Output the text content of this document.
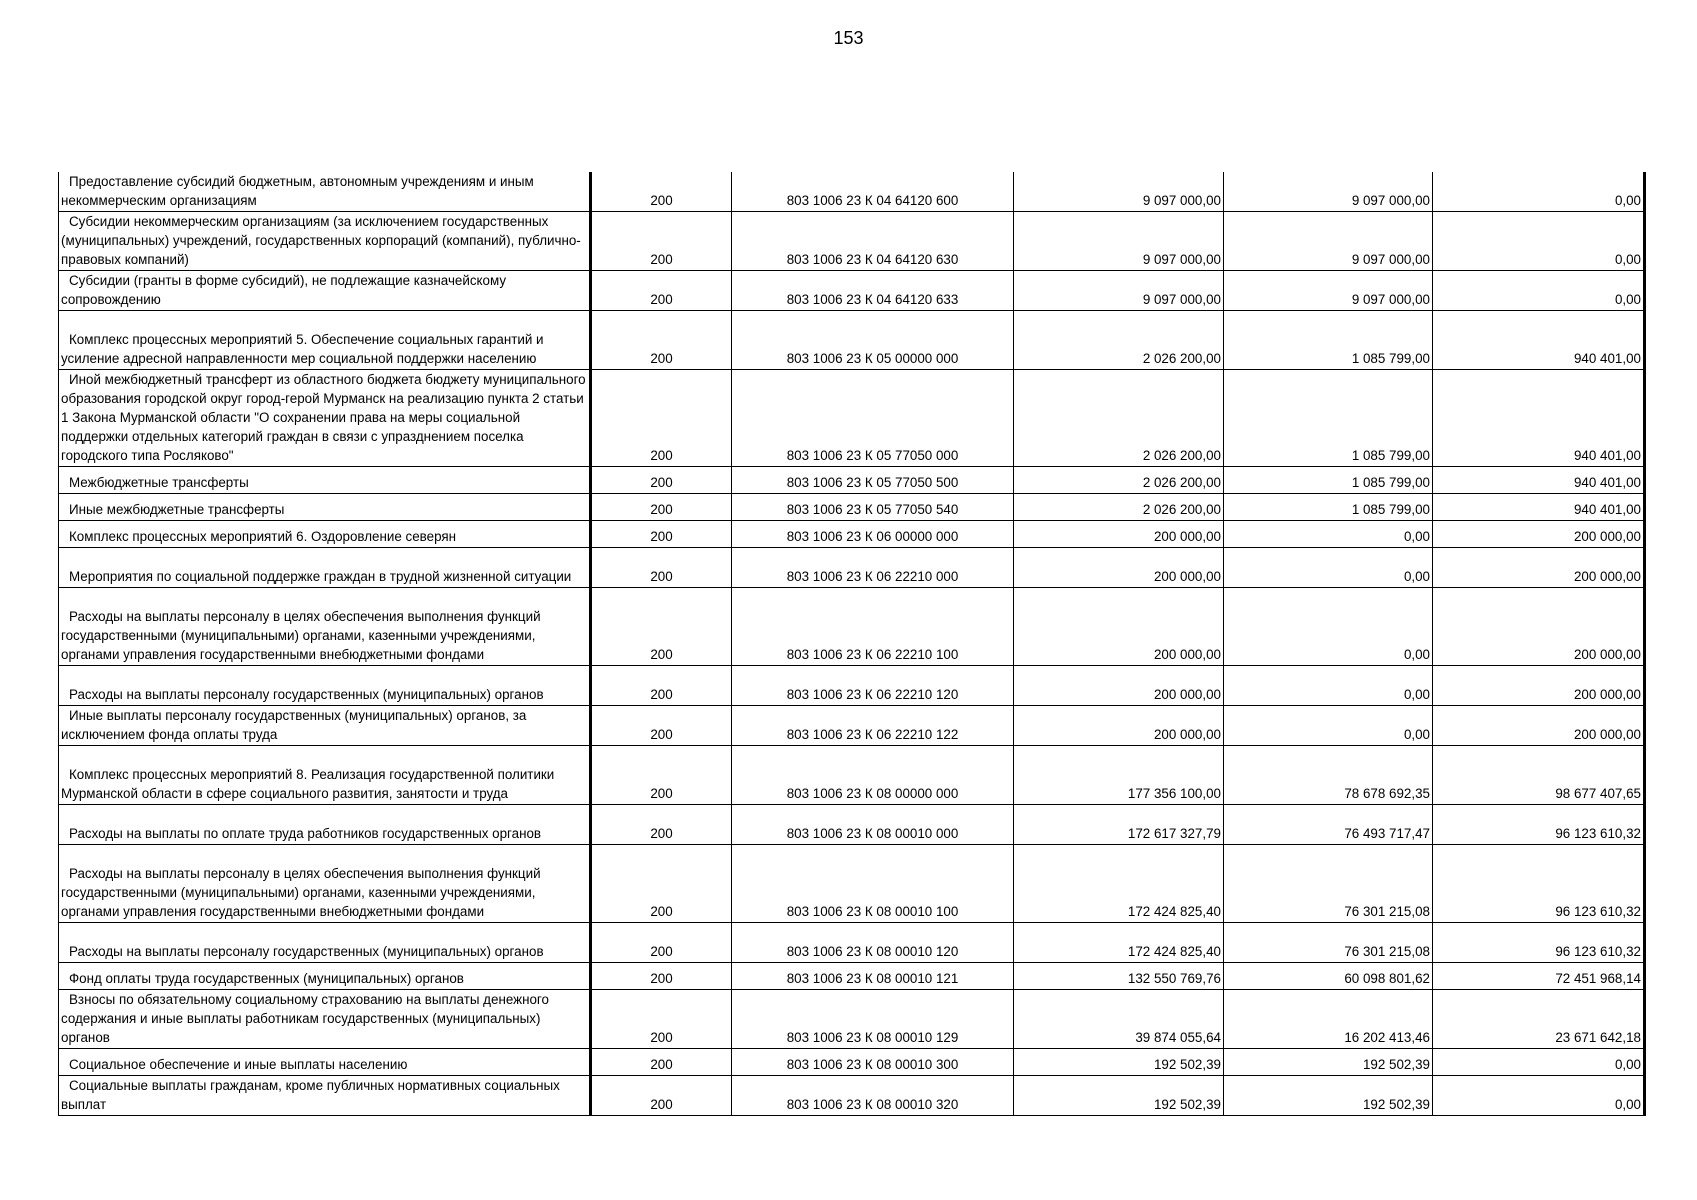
153
Предоставление субсидий бюджетным, автономным учреждениям и иным некоммерческим организациям	200	803 1006 23 К 04 64120 600	9 097 000,00	9 097 000,00	0,00
Субсидии некоммерческим организациям (за исключением государственных (муниципальных) учреждений, государственных корпораций (компаний), публично-правовых компаний)	200	803 1006 23 К 04 64120 630	9 097 000,00	9 097 000,00	0,00
Субсидии (гранты в форме субсидий), не подлежащие казначейскому сопровождению	200	803 1006 23 К 04 64120 633	9 097 000,00	9 097 000,00	0,00
Комплекс процессных мероприятий 5. Обеспечение социальных гарантий и усиление адресной направленности мер социальной поддержки населению	200	803 1006 23 К 05 00000 000	2 026 200,00	1 085 799,00	940 401,00
Иной межбюджетный трансферт из областного бюджета бюджету муниципального образования городской округ город-герой Мурманск на реализацию пункта 2 статьи 1 Закона Мурманской области "О сохранении права на меры социальной поддержки отдельных категорий граждан в связи с упразднением поселка городского типа Росляково"	200	803 1006 23 К 05 77050 000	2 026 200,00	1 085 799,00	940 401,00
Межбюджетные трансферты	200	803 1006 23 К 05 77050 500	2 026 200,00	1 085 799,00	940 401,00
Иные межбюджетные трансферты	200	803 1006 23 К 05 77050 540	2 026 200,00	1 085 799,00	940 401,00
Комплекс процессных мероприятий 6. Оздоровление северян	200	803 1006 23 К 06 00000 000	200 000,00	0,00	200 000,00
Мероприятия по социальной поддержке граждан в трудной жизненной ситуации	200	803 1006 23 К 06 22210 000	200 000,00	0,00	200 000,00
Расходы на выплаты персоналу в целях обеспечения выполнения функций государственными (муниципальными) органами, казенными учреждениями, органами управления государственными внебюджетными фондами	200	803 1006 23 К 06 22210 100	200 000,00	0,00	200 000,00
Расходы на выплаты персоналу государственных (муниципальных) органов	200	803 1006 23 К 06 22210 120	200 000,00	0,00	200 000,00
Иные выплаты персоналу государственных (муниципальных) органов, за исключением фонда оплаты труда	200	803 1006 23 К 06 22210 122	200 000,00	0,00	200 000,00
Комплекс процессных мероприятий 8. Реализация государственной политики Мурманской области в сфере социального развития, занятости и труда	200	803 1006 23 К 08 00000 000	177 356 100,00	78 678 692,35	98 677 407,65
Расходы на выплаты по оплате труда работников государственных органов	200	803 1006 23 К 08 00010 000	172 617 327,79	76 493 717,47	96 123 610,32
Расходы на выплаты персоналу в целях обеспечения выполнения функций государственными (муниципальными) органами, казенными учреждениями, органами управления государственными внебюджетными фондами	200	803 1006 23 К 08 00010 100	172 424 825,40	76 301 215,08	96 123 610,32
Расходы на выплаты персоналу государственных (муниципальных) органов	200	803 1006 23 К 08 00010 120	172 424 825,40	76 301 215,08	96 123 610,32
Фонд оплаты труда государственных (муниципальных) органов	200	803 1006 23 К 08 00010 121	132 550 769,76	60 098 801,62	72 451 968,14
Взносы по обязательному социальному страхованию на выплаты денежного содержания и иные выплаты работникам государственных (муниципальных) органов	200	803 1006 23 К 08 00010 129	39 874 055,64	16 202 413,46	23 671 642,18
Социальное обеспечение и иные выплаты населению	200	803 1006 23 К 08 00010 300	192 502,39	192 502,39	0,00
Социальные выплаты гражданам, кроме публичных нормативных социальных выплат	200	803 1006 23 К 08 00010 320	192 502,39	192 502,39	0,00
